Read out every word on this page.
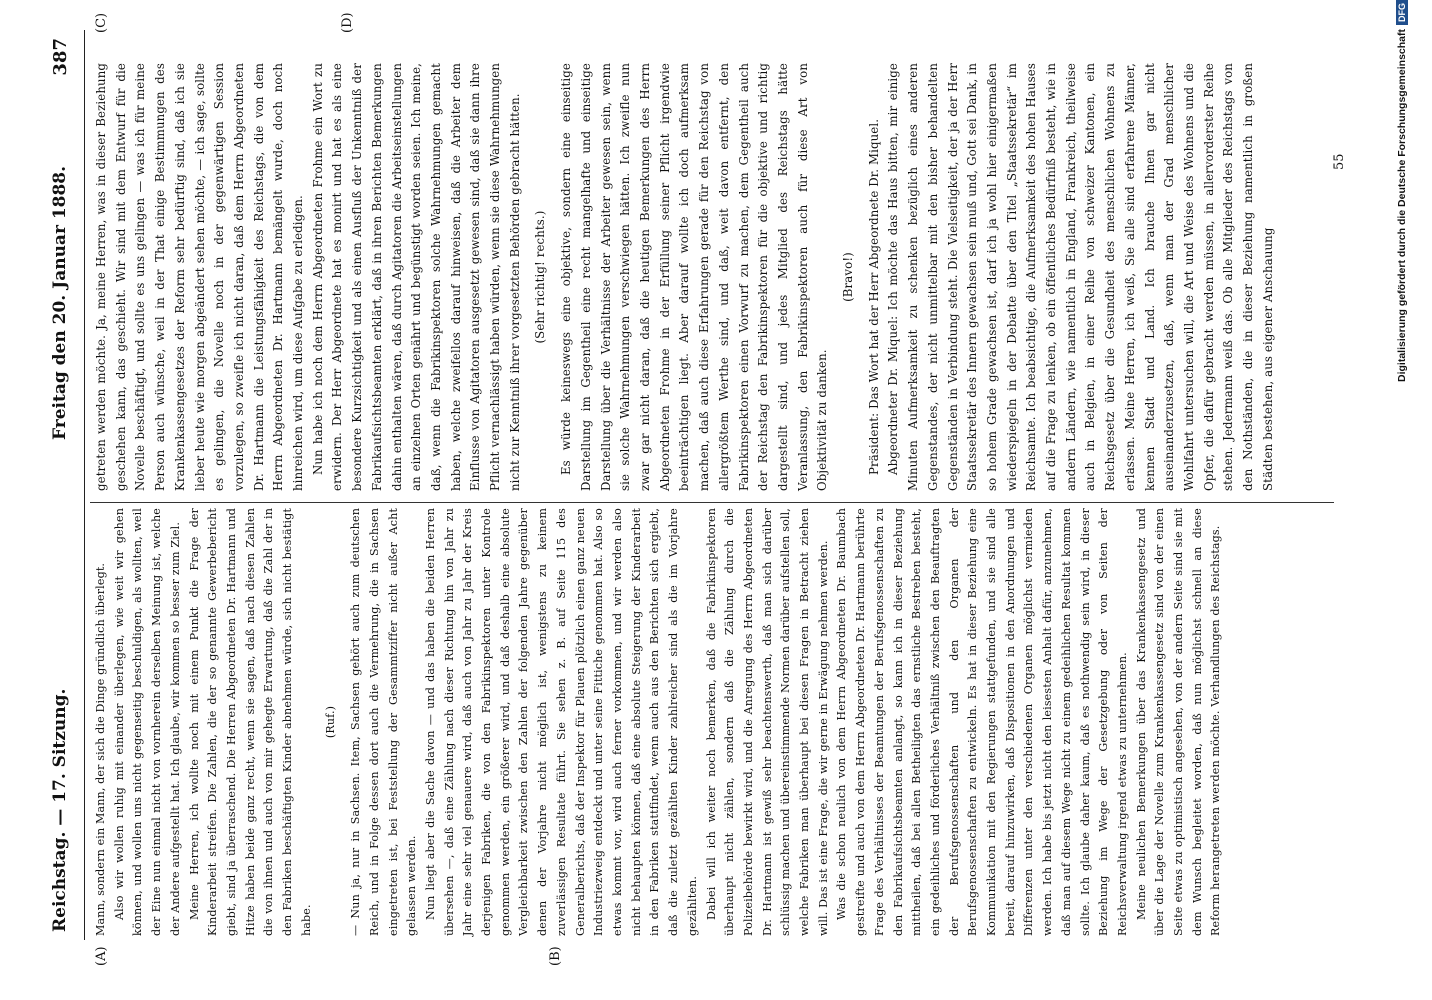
Reichstag. — 17. Sitzung.
Freitag den 20. Januar 1888.
387
(A)	(B)
(C)	(D)

Mann, sondern ein Mann, der sich die Dinge gründlich überlegt. Also wir wollen ruhig mit einander überlegen, wie weit wir gehen können, und wollen uns nicht gegenseitig beschuldigen, als wollten, weil der Eine nun einmal nicht von vornherein derselben Meinung ist, welche der Andere aufgestellt hat. Ich glaube, wir kommen so besser zum Ziel. Meine Herren, ich wollte noch mit einem Punkt die Frage der Kinderarbeit streifen. Die Zahlen, die der so genannte Gewerbebericht giebt, sind ja überraschend. Die Herren Abgeordneten Dr. Hartmann und Hitze haben beide ganz recht, wenn sie sagen, daß nach diesen Zahlen die von ihnen und auch von mir gehegte Erwartung, daß die Zahl der in den Fabriken beschäftigten Kinder abnehmen würde, sich nicht bestätigt habe.

(Ruf.)	— Nun ja, nur in Sachsen. Item, Sachsen gehört auch zum deutschen Reich, und in Folge dessen dort auch die Vermehrung, die in Sachsen eingetreten ist, bei Feststellung der Gesammtziffer nicht außer Acht gelassen werden. Nun liegt aber die Sache davon — und das haben die beiden Herren übersehen —, daß eine Zählung nach dieser Richtung hin von Jahr zu Jahr eine sehr viel genauere wird, daß auch von Jahr zu Jahr der Kreis derjenigen Fabriken, die von den Fabrikinspektoren unter Kontrole genommen werden, ein größerer wird, und daß deshalb eine absolute Vergleichbarkeit zwischen den Zahlen der folgenden Jahre gegenüber denen der Vorjahre nicht möglich ist, wenigstens zu keinem zuverlässigen Resultate führt. Sie sehen z. B. auf Seite 115 des Generalberichts, daß der Inspektor für Plauen plötzlich einen ganz neuen Industriezweig entdeckt und unter seine Fittiche genommen hat. Also so etwas kommt vor, wird auch ferner vorkommen, und wir werden also nicht behaupten können, daß eine absolute Steigerung der Kinderarbeit in den Fabriken stattfindet, wenn auch aus den Berichten sich ergiebt, daß die zuletzt gezählten Kinder zahlreicher sind als die im Vorjahre gezählten. Dabei will ich weiter noch bemerken, daß die Fabrikinspektoren überhaupt nicht zählen, sondern daß die Zählung durch die Polizeibehörde bewirkt wird, und die Anregung des Herrn Abgeordneten Dr. Hartmann ist gewiß sehr beachtenswerth, daß man sich darüber schlüssig machen und übereinstimmende Normen darüber aufstellen soll, welche Fabriken man überhaupt bei diesen Fragen in Betracht ziehen will. Das ist eine Frage, die wir gerne in Erwägung nehmen werden. Was die schon neulich von dem Herrn Abgeordneten Dr. Baumbach gestreifte und auch von dem Herrn Abgeordneten Dr. Hartmann berührte Frage des Verhältnisses der Beamtungen der Berufsgenossenschaften zu den Fabrikaufsichtsbeamten anlangt, so kann ich in dieser Beziehung mittheilen, daß bei allen Betheiligten das ernstliche Bestreben besteht, ein gedeihliches und förderliches Verhältniß zwischen den Beauftragten der Berufsgenossenschaften und den Organen der Berufsgenossenschaften zu entwickeln. Es hat in dieser Beziehung eine Kommunikation mit den Regierungen stattgefunden, und sie sind alle bereit, darauf hinzuwirken, daß Dispositionen in den Anordnungen und Differenzen unter den verschiedenen Organen möglichst vermieden werden. Ich habe bis jetzt nicht den leisesten Anhalt dafür, anzunehmen, daß man auf diesem Wege nicht zu einem gedeihlichen Resultat kommen sollte. Ich glaube daher kaum, daß es nothwendig sein wird, in dieser Beziehung im Wege der Gesetzgebung oder von Seiten der Reichsverwaltung irgend etwas zu unternehmen. Meine neulichen Bemerkungen über das Krankenkassengesetz und über die Lage der Novelle zum Krankenkassengesetz sind von der einen Seite etwas zu optimistisch angesehen, von der andern Seite sind sie mit dem Wunsch begleitet worden, daß nun möglichst schnell an diese Reform herangetreten werden möchte. Verhandlungen des Reichstags.

getreten werden möchte. Ja, meine Herren, was in dieser Beziehung geschehen kann, das geschieht. Wir sind mit dem Entwurf für die Novelle beschäftigt, und sollte es uns gelingen — was ich für meine Person auch wünsche, weil in der That einige Bestimmungen des Krankenkassengesetzes der Reform sehr bedürftig sind, daß ich sie lieber heute wie morgen abgeändert sehen möchte, — ich sage, sollte es gelingen, die Novelle noch in der gegenwärtigen Session vorzulegen, so zweifle ich nicht daran, daß dem Herrn Abgeordneten Dr. Hartmann die Leistungsfähigkeit des Reichstags, die von dem Herrn Abgeordneten Dr. Hartmann bemängelt wurde, doch noch hinreichen wird, um diese Aufgabe zu erledigen. Nun habe ich noch dem Herrn Abgeordneten Frohme ein Wort zu erwidern. Der Herr Abgeordnete hat es monirt und hat es als eine besondere Kurzsichtigkeit und als einen Ausfluß der Unkenntniß der Fabrikaufsichtsbeamten erklärt, daß in ihren Berichten Bemerkungen dahin enthalten wären, daß durch Agitatoren die Arbeitseinstellungen an einzelnen Orten genährt und begünstigt worden seien. Ich meine, daß, wenn die Fabrikinspektoren solche Wahrnehmungen gemacht haben, welche zweifellos darauf hinweisen, daß die Arbeiter dem Einflusse von Agitatoren ausgesetzt gewesen sind, daß sie dann ihre Pflicht vernachlässigt haben würden, wenn sie diese Wahrnehmungen nicht zur Kenntniß ihrer vorgesetzten Behörden gebracht hätten.	(Sehr richtig! rechts.)	Es würde keineswegs eine objektive, sondern eine einseitige Darstellung im Gegentheil eine recht mangelhafte und einseitige Darstellung über die Verhältnisse der Arbeiter gewesen sein, wenn sie solche Wahrnehmungen verschwiegen hätten. Ich zweifle nun zwar gar nicht daran, daß die heutigen Bemerkungen des Herrn Abgeordneten Frohme in der Erfüllung seiner Pflicht irgendwie beeinträchtigen liegt. Aber darauf wollte ich doch aufmerksam machen, daß auch diese Erfahrungen gerade für den Reichstag von allergrößtem Werthe sind, und daß, weit davon entfernt, den Fabrikinspektoren einen Vorwurf zu machen, dem Gegentheil auch der Reichstag den Fabrikinspektoren für die objektive und richtig dargestellt sind, und jedes Mitglied des Reichstags hätte Veranlassung, den Fabrikinspektoren auch für diese Art von Objektivität zu danken.

(Bravo!)	Präsident: Das Wort hat der Herr Abgeordnete Dr. Miquel. Abgeordneter Dr. Miquel: Ich möchte das Haus bitten, mir einige Minuten Aufmerksamkeit zu schenken bezüglich eines anderen Gegenstandes, der nicht unmittelbar mit den bisher behandelten Gegenständen in Verbindung steht. Die Vielseitigkeit, der ja der Herr Staatssekretär des Innern gewachsen sein muß und, Gott sei Dank, in so hohem Grade gewachsen ist, darf ich ja wohl hier einigermaßen wiederspiegeln in der Debatte über den Titel „Staatssekretär“ im Reichsamte. Ich beabsichtige, die Aufmerksamkeit des hohen Hauses auf die Frage zu lenken, ob ein öffentliches Bedürfniß besteht, wie in andern Ländern, wie namentlich in England, Frankreich, theilweise auch in Belgien, in einer Reihe von schweizer Kantonen, ein Reichsgesetz über die Gesundheit des menschlichen Wohnens zu erlassen. Meine Herren, ich weiß, Sie alle sind erfahrene Männer, kennen Stadt und Land. Ich brauche Ihnen gar nicht auseinanderzusetzen, daß, wenn man der Grad menschlicher Wohlfahrt untersuchen will, die Art und Weise des Wohnens und die Opfer, die dafür gebracht werden müssen, in allervorderster Reihe stehen. Jedermann weiß das. Ob alle Mitglieder des Reichstags von den Nothständen, die in dieser Beziehung namentlich in großen Städten bestehen, aus eigener Anschauung

55	Digitalisierung gefördert durch die Deutsche ForschungsgemeinschaftDFG
